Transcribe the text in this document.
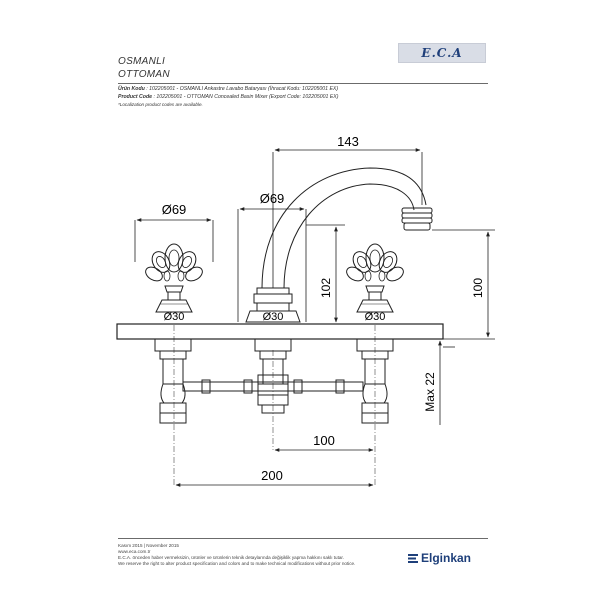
OSMANLI
OTTOMAN
E.C.A
Ürün Kodu : 102205001 - OSMANLI Ankastre Lavabo Bataryası (İhracat Kodu: 102205001 EX)
Product Code : 102205001 - OTTOMAN Concealed Basin Mixer (Export Code: 102205001 EX)
*Localization product codes are available.
143
Ø69
Ø69
Ø30	Ø30	Ø30
102	100
Max 22
100
200
Kasım 2015 | November 2015
www.eca.com.tr
E.C.A. önceden haber vermeksizin, ürünler ve ürünlerin teknik detaylarında değişiklik yapma hakkını saklı tutar.
We reserve the right to alter product specification and colors and to make technical modifications without prior notice.	Elginkan
